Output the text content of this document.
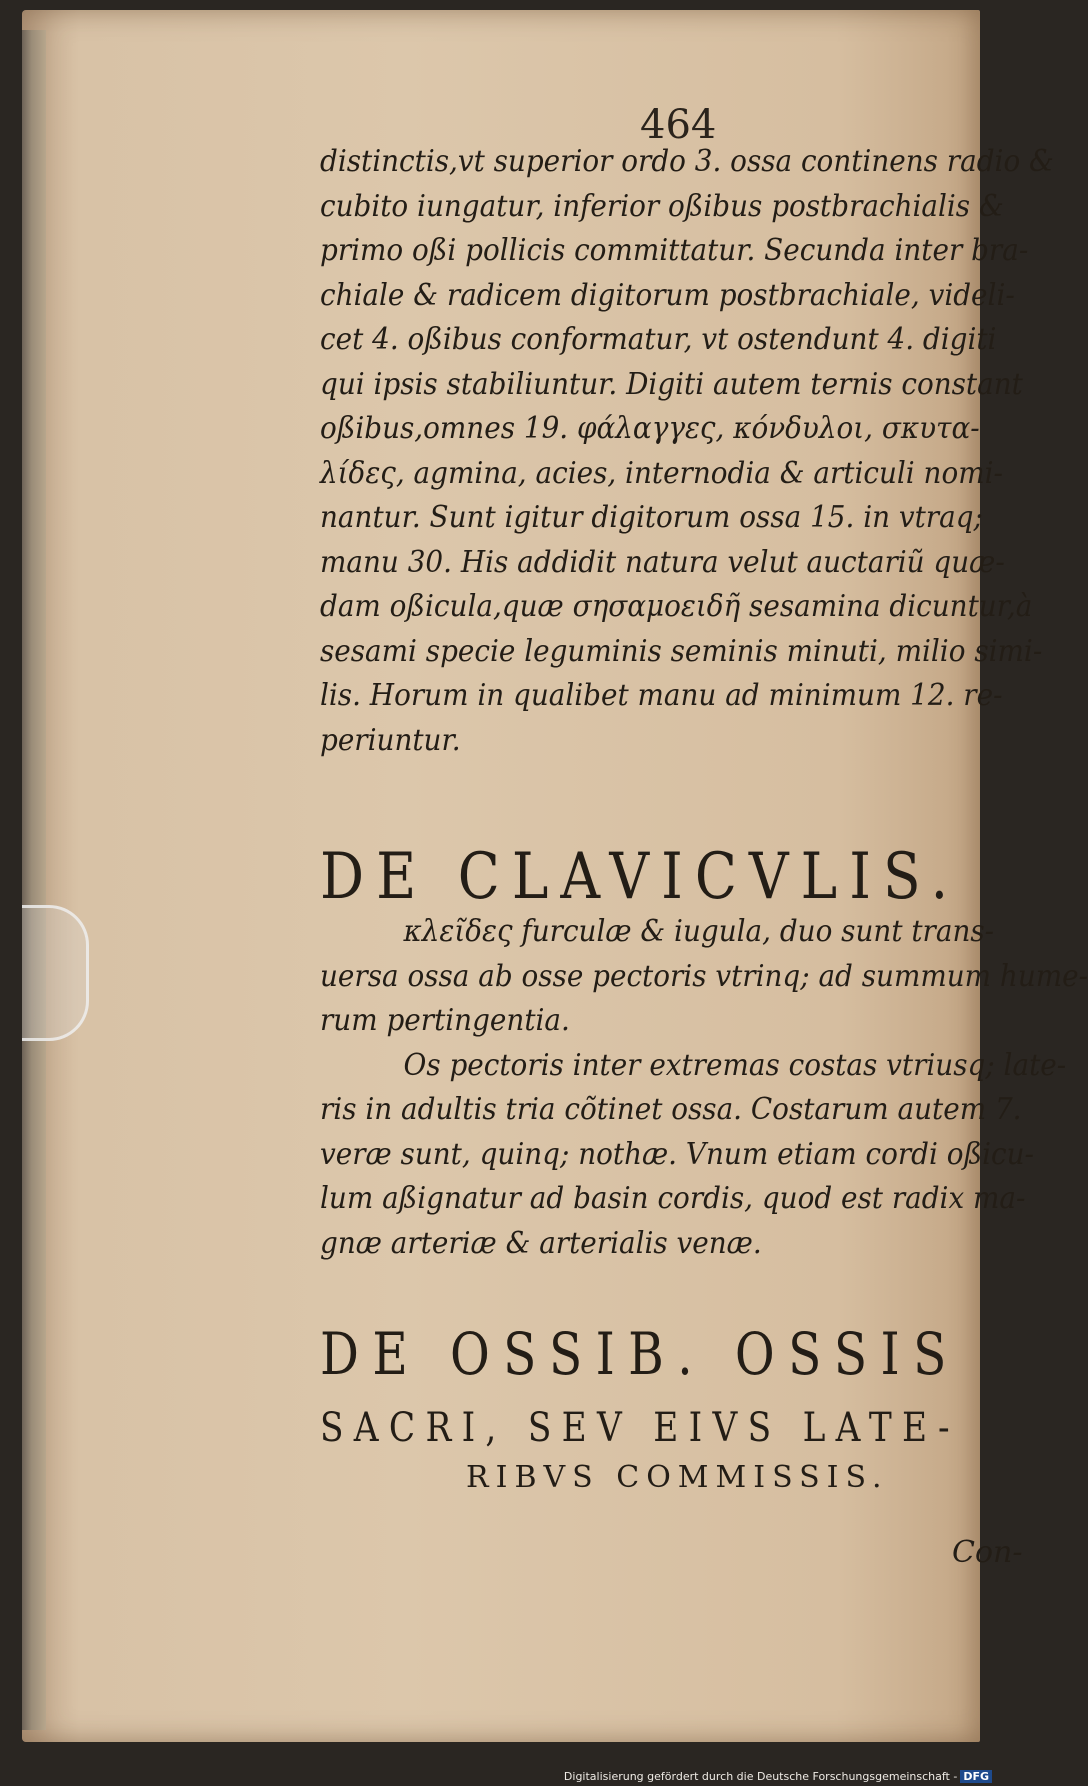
464
distinctis,vt superior ordo 3. ossa continens radio &
cubito iungatur, inferior oßibus postbrachialis &
primo oßi pollicis committatur. Secunda inter bra-
chiale & radicem digitorum postbrachiale, videli-
cet 4. oßibus conformatur, vt ostendunt 4. digiti
qui ipsis stabiliuntur. Digiti autem ternis constant
oßibus,omnes 19. φάλαγγες, κόνδυλοι, σκυτα-
λίδες, agmina, acies, internodia & articuli nomi-
nantur. Sunt igitur digitorum ossa 15. in vtraq;
manu 30. His addidit natura velut auctariũ quæ-
dam oßicula,quæ σησαμοειδῆ sesamina dicuntur,à
sesami specie leguminis seminis minuti, milio simi-
lis. Horum in qualibet manu ad minimum 12. re-
periuntur.
DE CLAVICVLIS.
κλεῖδες furculæ & iugula, duo sunt trans-
uersa ossa ab osse pectoris vtrinq; ad summum hume-
rum pertingentia.
Os pectoris inter extremas costas vtriusq; late-
ris in adultis tria cõtinet ossa. Costarum autem 7.
veræ sunt, quinq; nothæ. Vnum etiam cordi oßicu-
lum aßignatur ad basin cordis, quod est radix ma-
gnæ arteriæ & arterialis venæ.
DE OSSIB. OSSIS
SACRI, SEV EIVS LATE-
RIBVS COMMISSIS.
Con-
Digitalisierung gefördert durch die Deutsche Forschungsgemeinschaft - DFG
